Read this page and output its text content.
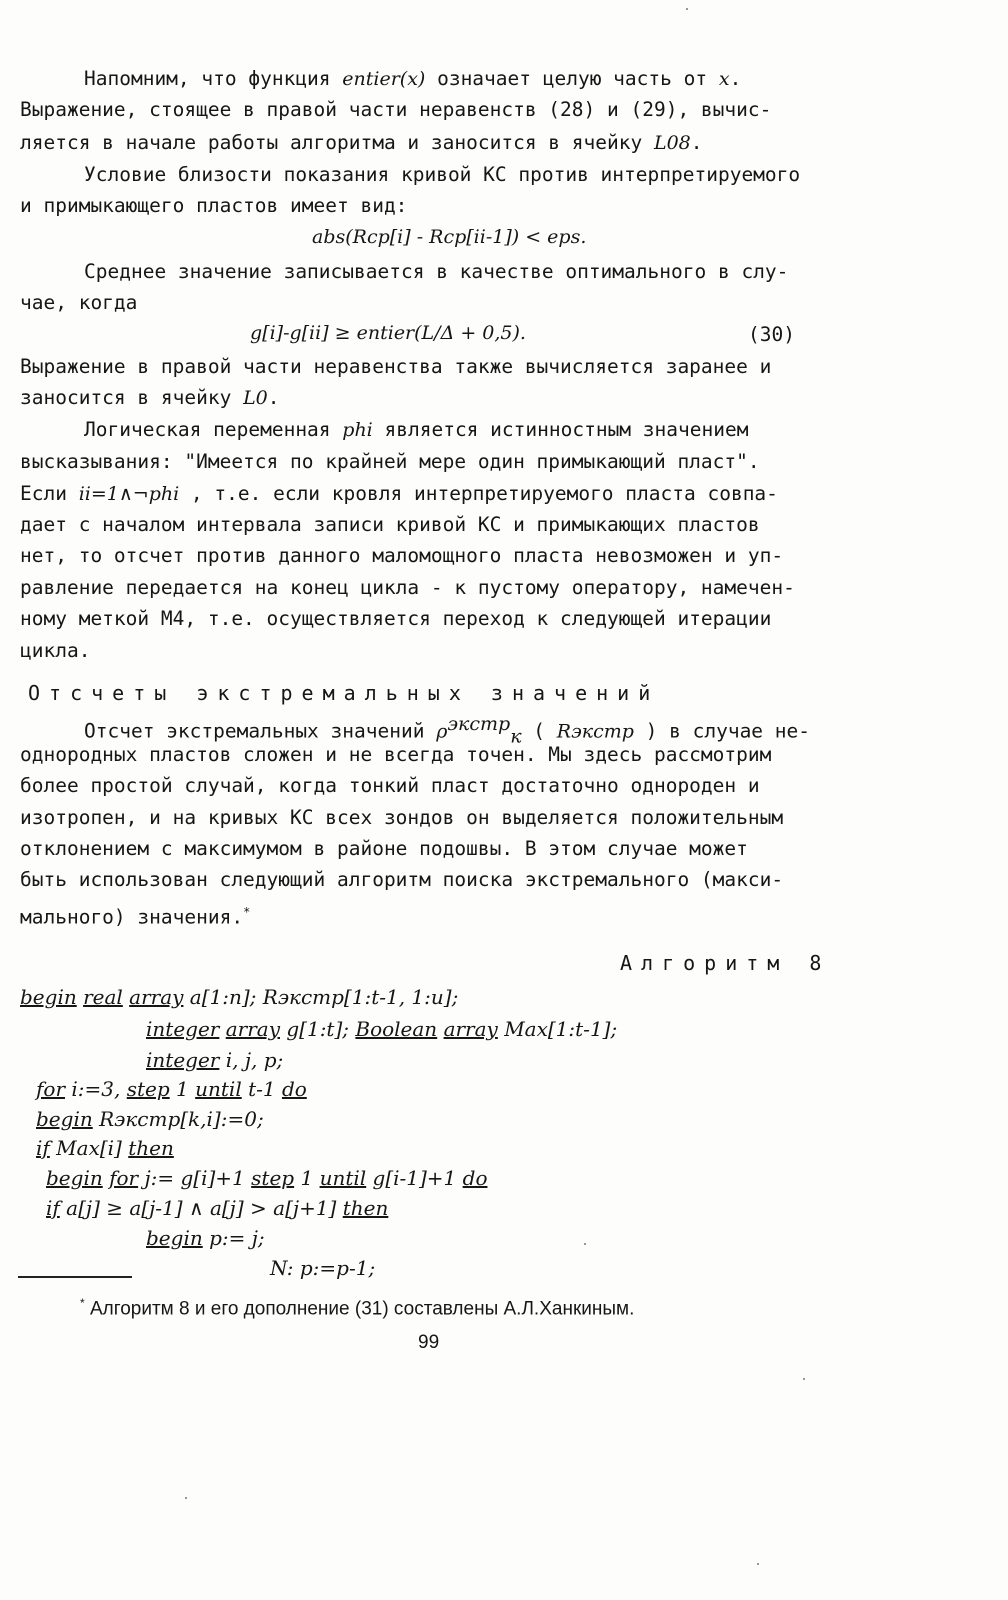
Напомним, что функция entier(x) означает целую часть от x.
Выражение, стоящее в правой части неравенств (28) и (29), вычис-
ляется в начале работы алгоритма и заносится в ячейку L08.
Условие близости показания кривой КС против интерпретируемого
и примыкающего пластов имеет вид:
abs(Rср[i] - Rср[ii-1]) < eps.
Среднее значение записывается в качестве оптимального в слу-
чае, когда
g[i]-g[ii] ≥ entier(L/Δ + 0,5).	(30)
Выражение в правой части неравенства также вычисляется заранее и
заносится в ячейку L0.
Логическая переменная phi является истинностным значением
высказывания: "Имеется по крайней мере один примыкающий пласт".
Если ii=1∧¬phi , т.е. если кровля интерпретируемого пласта совпа-
дает с началом интервала записи кривой КС и примыкающих пластов
нет, то отсчет против данного маломощного пласта невозможен и уп-
равление передается на конец цикла - к пустому оператору, намечен-
ному меткой М4, т.е. осуществляется переход к следующей итерации
цикла.
Отсчеты экстремальных значений
Отсчет экстремальных значений $\rho^{экстр}_к$ ( Rэкстр ) в случае не-
однородных пластов сложен и не всегда точен. Мы здесь рассмотрим
более простой случай, когда тонкий пласт достаточно однороден и
изотропен, и на кривых КС всех зондов он выделяется положительным
отклонением с максимумом в районе подошвы. В этом случае может
быть использован следующий алгоритм поиска экстремального (макси-
мального) значения.*
Алгоритм 8
begin real array a[1:n]; Rэкстр[1:t-1, 1:u];
integer array g[1:t]; Boolean array Max[1:t-1];
integer i, j, p;
for i:=3, step 1 until t-1 do
begin Rэкстр[k,i]:=0;
if Max[i] then
begin for j:= g[i]+1 step 1 until g[i-1]+1 do
if a[j] ≥ a[j-1] ∧ a[j] > a[j+1] then
begin p:= j;
N: p:=p-1;
* Алгоритм 8 и его дополнение (31) составлены А.Л.Ханкиным.
99
